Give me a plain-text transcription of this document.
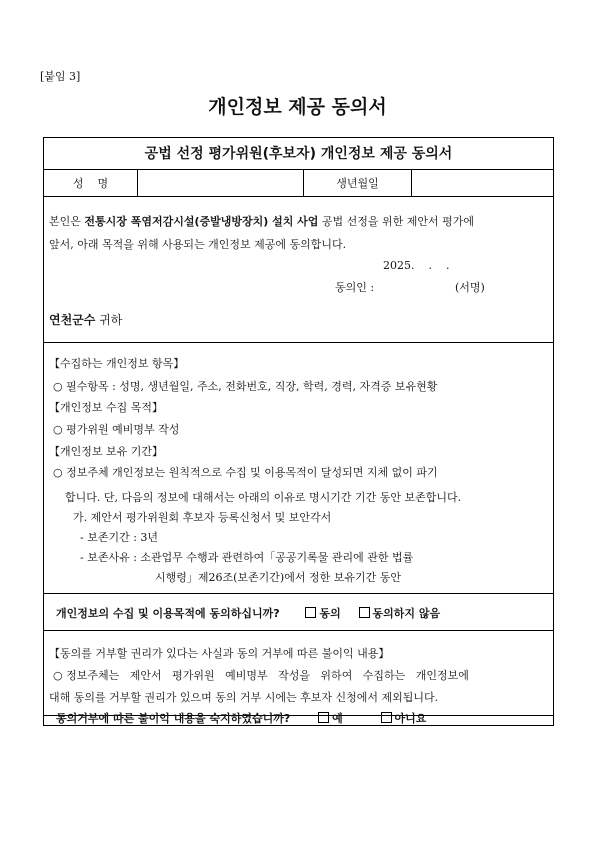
[붙임 3]
개인정보 제공 동의서
공법 선정 평가위원(후보자) 개인정보 제공 동의서
성    명	생년월일
본인은 전통시장 폭염저감시설(증발냉방장치) 설치 사업 공법 선정을 위한 제안서 평가에
앞서, 아래 목적을 위해 사용되는 개인정보 제공에 동의합니다.
2025.    .    .
동의인 :	(서명)
연천군수 귀하
【수집하는 개인정보 항목】
○ 필수항목 : 성명, 생년월일, 주소, 전화번호, 직장, 학력, 경력, 자격증 보유현황
【개인정보 수집 목적】
○ 평가위원 예비명부 작성
【개인정보 보유 기간】
○ 정보주체 개인정보는 원칙적으로 수집 및 이용목적이 달성되면 지체 없이 파기
합니다. 단, 다음의 정보에 대해서는 아래의 이유로 명시기간 기간 동안 보존합니다.
가. 제안서 평가위원회 후보자 등록신청서 및 보안각서
- 보존기간 : 3년
- 보존사유 : 소관업무 수행과 관련하여「공공기록물 관리에 관한 법률
시행령」제26조(보존기간)에서 정한 보유기간 동안
개인정보의 수집 및 이용목적에 동의하십니까?	동의	동의하지 않음
【동의를 거부할 권리가 있다는 사실과 동의 거부에 따른 불이익 내용】
○ 정보주체는   제안서   평가위원   예비명부   작성을   위하여   수집하는   개인정보에
대해 동의를 거부할 권리가 있으며 동의 거부 시에는 후보자 신청에서 제외됩니다.
동의거부에 따른 불이익 내용을 숙지하였습니까?	예	아니요
